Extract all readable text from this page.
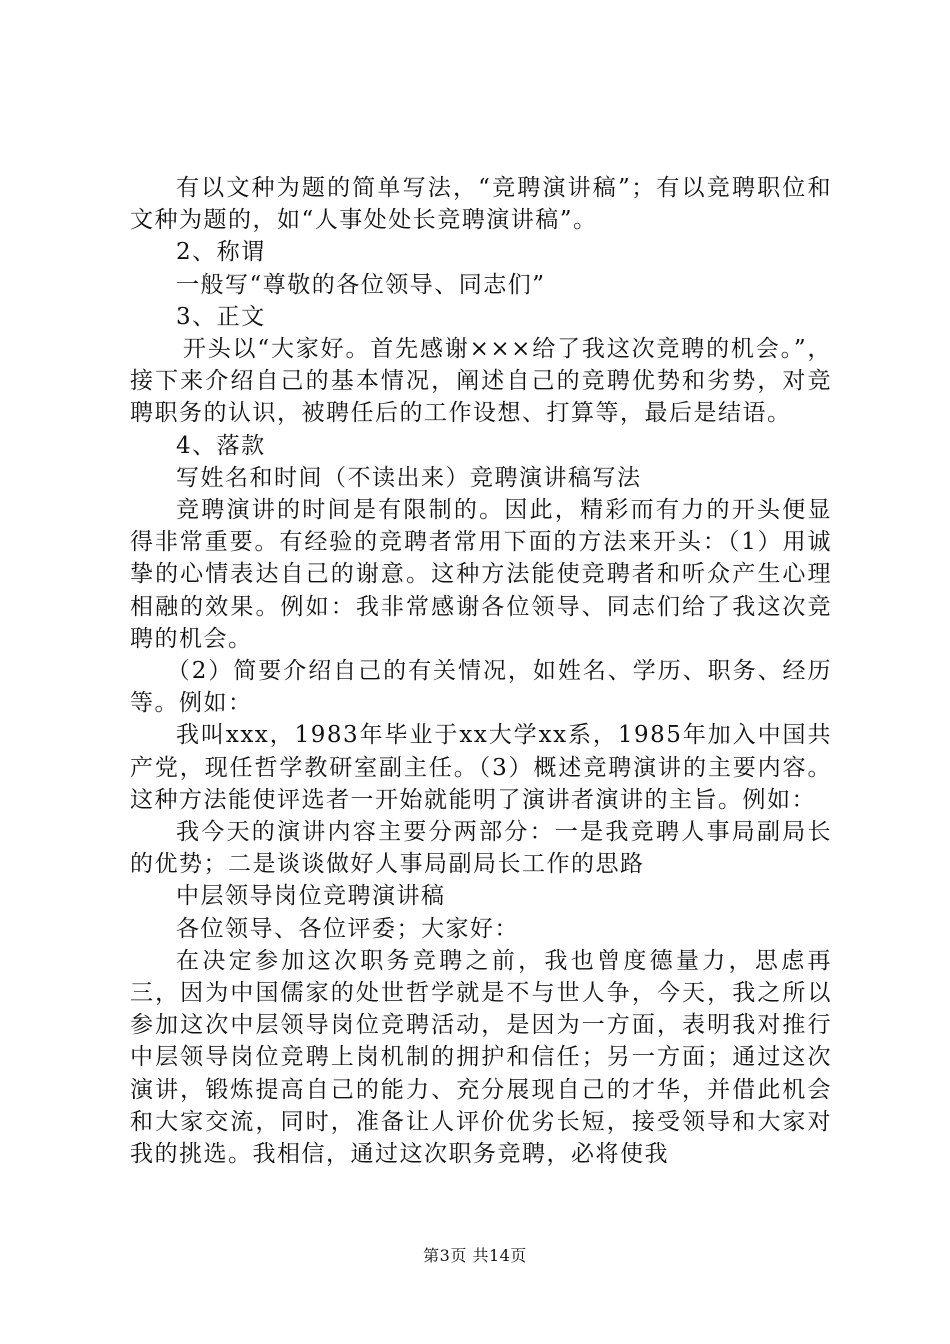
有以文种为题的简单写法，“竞聘演讲稿”；有以竞聘职位和文种为题的，如“人事处处长竞聘演讲稿”。

2、称谓

一般写“尊敬的各位领导、同志们”

3、正文

开头以“大家好。首先感谢×××给了我这次竞聘的机会。”，接下来介绍自己的基本情况，阐述自己的竞聘优势和劣势，对竞聘职务的认识，被聘任后的工作设想、打算等，最后是结语。

4、落款

写姓名和时间（不读出来）竞聘演讲稿写法

竞聘演讲的时间是有限制的。因此，精彩而有力的开头便显得非常重要。有经验的竞聘者常用下面的方法来开头：（1）用诚挚的心情表达自己的谢意。这种方法能使竞聘者和听众产生心理相融的效果。例如：我非常感谢各位领导、同志们给了我这次竞聘的机会。

（2）简要介绍自己的有关情况，如姓名、学历、职务、经历等。例如：

我叫xxx，1983年毕业于xx大学xx系，1985年加入中国共产党，现任哲学教研室副主任。（3）概述竞聘演讲的主要内容。这种方法能使评选者一开始就能明了演讲者演讲的主旨。例如：

我今天的演讲内容主要分两部分：一是我竞聘人事局副局长的优势；二是谈谈做好人事局副局长工作的思路

中层领导岗位竞聘演讲稿

各位领导、各位评委；大家好：

在决定参加这次职务竞聘之前，我也曾度德量力，思虑再三，因为中国儒家的处世哲学就是不与世人争，今天，我之所以参加这次中层领导岗位竞聘活动，是因为一方面，表明我对推行中层领导岗位竞聘上岗机制的拥护和信任；另一方面；通过这次演讲，锻炼提高自己的能力、充分展现自己的才华，并借此机会和大家交流，同时，准备让人评价优劣长短，接受领导和大家对我的挑选。我相信，通过这次职务竞聘，必将使我

第3页 共14页
